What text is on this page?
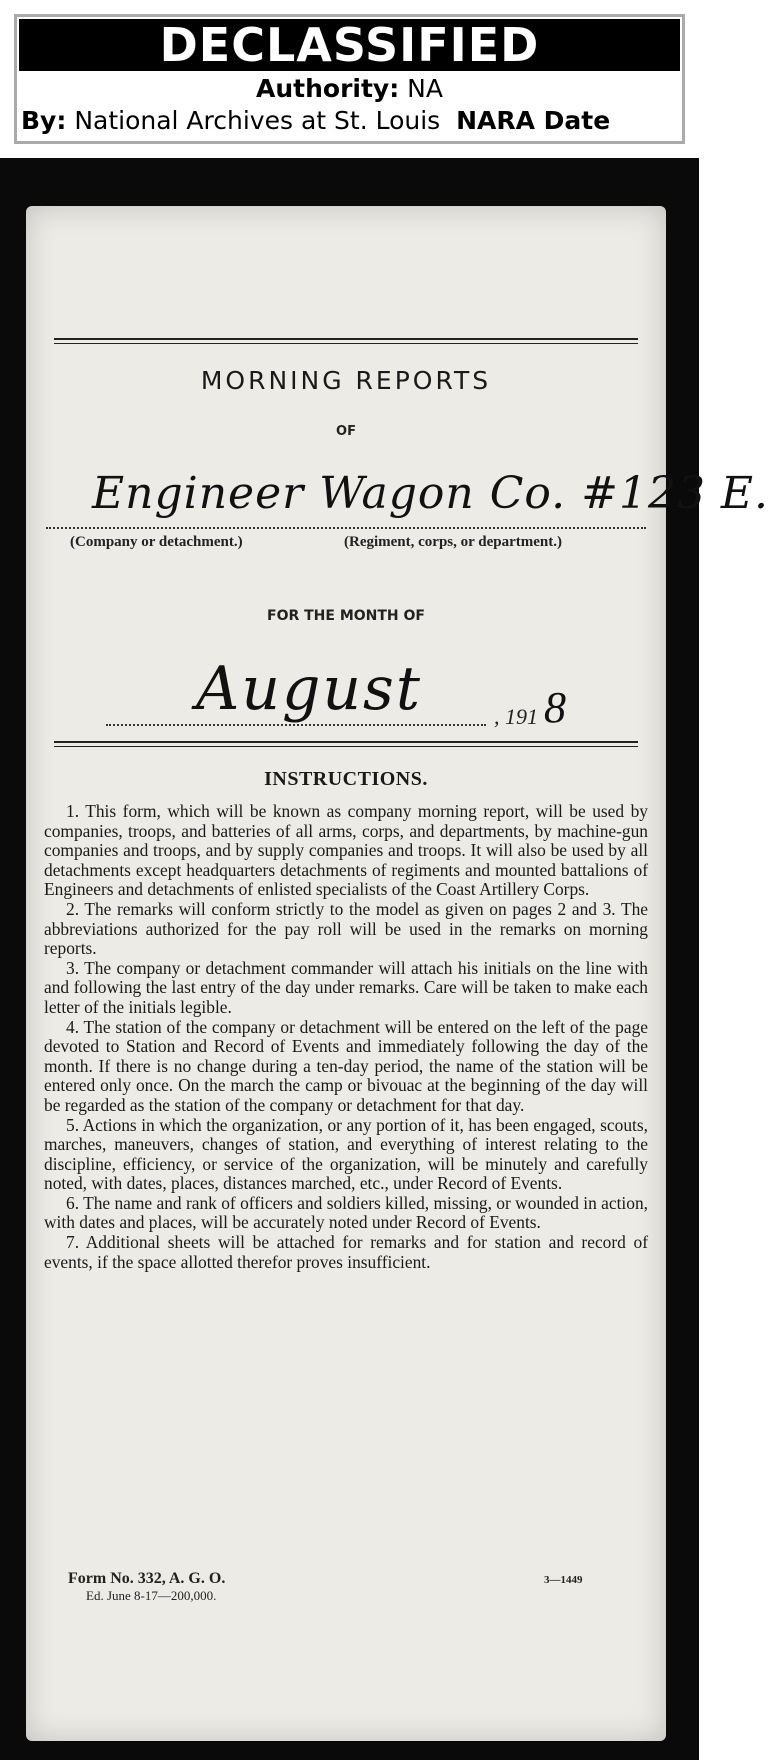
DECLASSIFIED
Authority: NA
By: National Archives at St. Louis NARA Date
MORNING REPORTS
OF
Engineer Wagon Co. #123 E.
(Company or detachment.)	(Regiment, corps, or department.)
FOR THE MONTH OF
August	, 191 8
INSTRUCTIONS.

1. This form, which will be known as company morning report, will be used by companies, troops, and batteries of all arms, corps, and departments, by machine-gun companies and troops, and by supply companies and troops. It will also be used by all detachments except headquarters detachments of regiments and mounted battalions of Engineers and detachments of enlisted specialists of the Coast Artillery Corps.

2. The remarks will conform strictly to the model as given on pages 2 and 3. The abbreviations authorized for the pay roll will be used in the remarks on morning reports.

3. The company or detachment commander will attach his initials on the line with and following the last entry of the day under remarks. Care will be taken to make each letter of the initials legible.

4. The station of the company or detachment will be entered on the left of the page devoted to Station and Record of Events and immediately following the day of the month. If there is no change during a ten-day period, the name of the station will be entered only once. On the march the camp or bivouac at the beginning of the day will be regarded as the station of the company or detachment for that day.

5. Actions in which the organization, or any portion of it, has been engaged, scouts, marches, maneuvers, changes of station, and everything of interest relating to the discipline, efficiency, or service of the organization, will be minutely and carefully noted, with dates, places, distances marched, etc., under Record of Events.

6. The name and rank of officers and soldiers killed, missing, or wounded in action, with dates and places, will be accurately noted under Record of Events.

7. Additional sheets will be attached for remarks and for station and record of events, if the space allotted therefor proves insufficient.

Form No. 332, A. G. O.
Ed. June 8-17—200,000.
3—1449
